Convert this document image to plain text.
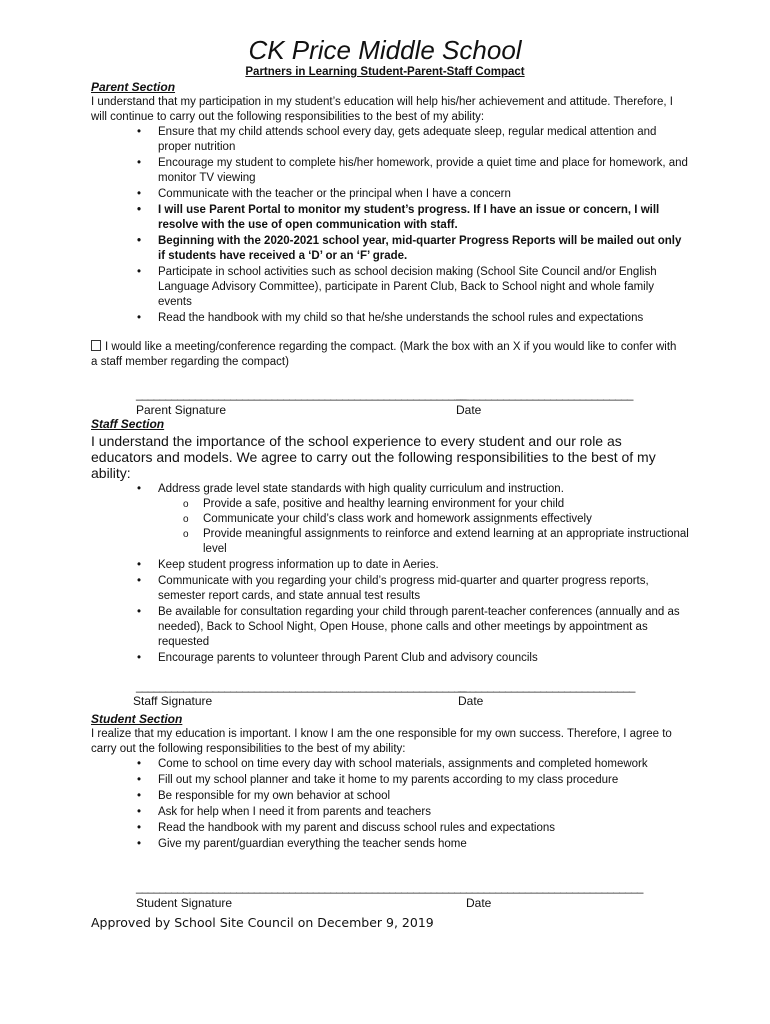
CK Price Middle School
Partners in Learning Student-Parent-Staff Compact
Parent Section
I understand that my participation in my student’s education will help his/her achievement and attitude. Therefore, I will continue to carry out the following responsibilities to the best of my ability:
• Ensure that my child attends school every day, gets adequate sleep, regular medical attention and proper nutrition
• Encourage my student to complete his/her homework, provide a quiet time and place for homework, and monitor TV viewing
• Communicate with the teacher or the principal when I have a concern
• I will use Parent Portal to monitor my student’s progress. If I have an issue or concern, I will resolve with the use of open communication with staff.
• Beginning with the 2020-2021 school year, mid-quarter Progress Reports will be mailed out only if students have received a ‘D’ or an ‘F’ grade.
• Participate in school activities such as school decision making (School Site Council and/or English Language Advisory Committee), participate in Parent Club, Back to School night and whole family events
• Read the handbook with my child so that he/she understands the school rules and expectations
I would like a meeting/conference regarding the compact. (Mark the box with an X if you would like to confer with a staff member regarding the compact)
________________________________________________________
______________________________
Parent Signature	Date
Staff Section
I understand the importance of the school experience to every student and our role as educators and models. We agree to carry out the following responsibilities to the best of my ability:
• Address grade level state standards with high quality curriculum and instruction.
o Provide a safe, positive and healthy learning environment for your child
o Communicate your child’s class work and homework assignments effectively
o Provide meaningful assignments to reinforce and extend learning at an appropriate instructional level
• Keep student progress information up to date in Aeries.
• Communicate with you regarding your child’s progress mid-quarter and quarter progress reports, semester report cards, and state annual test results
• Be available for consultation regarding your child through parent-teacher conferences (annually and as needed), Back to School Night, Open House, phone calls and other meetings by appointment as requested
• Encourage parents to volunteer through Parent Club and advisory councils
________________________________________________________
______________________________
Staff Signature	Date
Student Section
I realize that my education is important. I know I am the one responsible for my own success. Therefore, I agree to carry out the following responsibilities to the best of my ability:
• Come to school on time every day with school materials, assignments and completed homework
• Fill out my school planner and take it home to my parents according to my class procedure
• Be responsible for my own behavior at school
• Ask for help when I need it from parents and teachers
• Read the handbook with my parent and discuss school rules and expectations
• Give my parent/guardian everything the teacher sends home
________________________________________________________ ______________________________
Student Signature	Date
Approved by School Site Council on December 9, 2019
